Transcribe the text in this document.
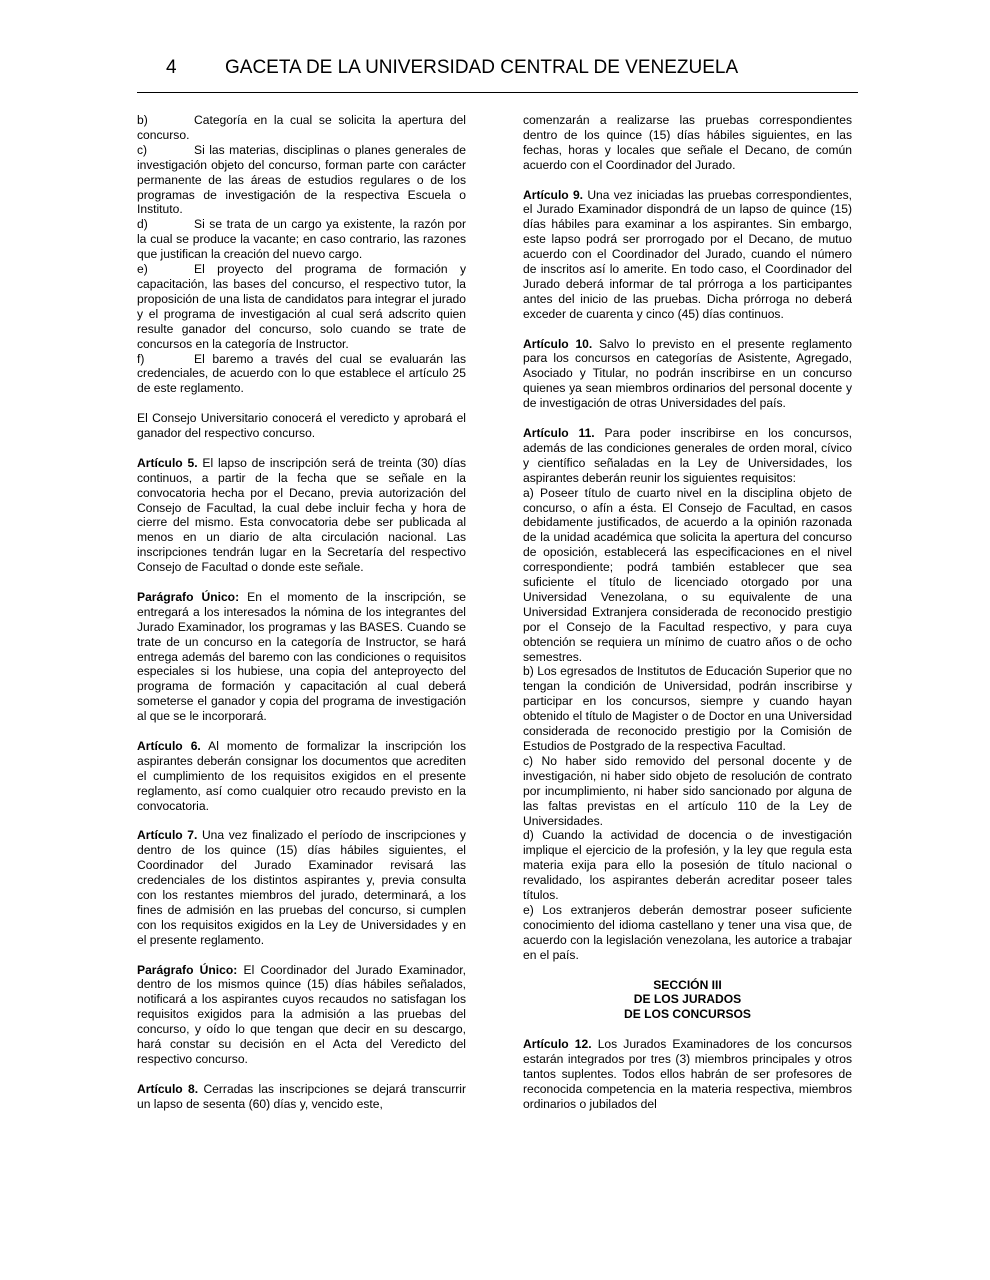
4	GACETA DE LA UNIVERSIDAD CENTRAL DE VENEZUELA

b)	Categoría en la cual se solicita la apertura del concurso.

c)	Si las materias, disciplinas o planes generales de investigación objeto del concurso, forman parte con carácter permanente de las áreas de estudios regulares o de los programas de investigación de la respectiva Escuela o Instituto.

d)	Si se trata de un cargo ya existente, la razón por la cual se produce la vacante; en caso contrario, las razones que justifican la creación del nuevo cargo.

e)	El proyecto del programa de formación y capacitación, las bases del concurso, el respectivo tutor, la proposición de una lista de candidatos para integrar el jurado y el programa de investigación al cual será adscrito quien resulte ganador del concurso, solo cuando se trate de concursos en la categoría de Instructor.

f)	El baremo a través del cual se evaluarán las credenciales, de acuerdo con lo que establece el artículo 25 de este reglamento.

El Consejo Universitario conocerá el veredicto y aprobará el ganador del respectivo concurso.

Artículo 5. El lapso de inscripción será de treinta (30) días continuos, a partir de la fecha que se señale en la convocatoria hecha por el Decano, previa autorización del Consejo de Facultad, la cual debe incluir fecha y hora de cierre del mismo. Esta convocatoria debe ser publicada al menos en un diario de alta circulación nacional. Las inscripciones tendrán lugar en la Secretaría del respectivo Consejo de Facultad o donde este señale.

Parágrafo Único: En el momento de la inscripción, se entregará a los interesados la nómina de los integrantes del Jurado Examinador, los programas y las BASES. Cuando se trate de un concurso en la categoría de Instructor, se hará entrega además del baremo con las condiciones o requisitos especiales si los hubiese, una copia del anteproyecto del programa de formación y capacitación al cual deberá someterse el ganador y copia del programa de investigación al que se le incorporará.

Artículo 6. Al momento de formalizar la inscripción los aspirantes deberán consignar los documentos que acrediten el cumplimiento de los requisitos exigidos en el presente reglamento, así como cualquier otro recaudo previsto en la convocatoria.

Artículo 7. Una vez finalizado el período de inscripciones y dentro de los quince (15) días hábiles siguientes, el Coordinador del Jurado Examinador revisará las credenciales de los distintos aspirantes y, previa consulta con los restantes miembros del jurado, determinará, a los fines de admisión en las pruebas del concurso, si cumplen con los requisitos exigidos en la Ley de Universidades y en el presente reglamento.

Parágrafo Único: El Coordinador del Jurado Examinador, dentro de los mismos quince (15) días hábiles señalados, notificará a los aspirantes cuyos recaudos no satisfagan los requisitos exigidos para la admisión a las pruebas del concurso, y oído lo que tengan que decir en su descargo, hará constar su decisión en el Acta del Veredicto del respectivo concurso.

Artículo 8. Cerradas las inscripciones se dejará transcurrir un lapso de sesenta (60) días y, vencido este,

comenzarán a realizarse las pruebas correspondientes dentro de los quince (15) días hábiles siguientes, en las fechas, horas y locales que señale el Decano, de común acuerdo con el Coordinador del Jurado.

Artículo 9. Una vez iniciadas las pruebas correspondientes, el Jurado Examinador dispondrá de un lapso de quince (15) días hábiles para examinar a los aspirantes. Sin embargo, este lapso podrá ser prorrogado por el Decano, de mutuo acuerdo con el Coordinador del Jurado, cuando el número de inscritos así lo amerite. En todo caso, el Coordinador del Jurado deberá informar de tal prórroga a los participantes antes del inicio de las pruebas. Dicha prórroga no deberá exceder de cuarenta y cinco (45) días continuos.

Artículo 10. Salvo lo previsto en el presente reglamento para los concursos en categorías de Asistente, Agregado, Asociado y Titular, no podrán inscribirse en un concurso quienes ya sean miembros ordinarios del personal docente y de investigación de otras Universidades del país.

Artículo 11. Para poder inscribirse en los concursos, además de las condiciones generales de orden moral, cívico y científico señaladas en la Ley de Universidades, los aspirantes deberán reunir los siguientes requisitos:

a) Poseer título de cuarto nivel en la disciplina objeto de concurso, o afín a ésta. El Consejo de Facultad, en casos debidamente justificados, de acuerdo a la opinión razonada de la unidad académica que solicita la apertura del concurso de oposición, establecerá las especificaciones en el nivel correspondiente; podrá también establecer que sea suficiente el título de licenciado otorgado por una Universidad Venezolana, o su equivalente de una Universidad Extranjera considerada de reconocido prestigio por el Consejo de la Facultad respectivo, y para cuya obtención se requiera un mínimo de cuatro años o de ocho semestres.

b) Los egresados de Institutos de Educación Superior que no tengan la condición de Universidad, podrán inscribirse y participar en los concursos, siempre y cuando hayan obtenido el título de Magister o de Doctor en una Universidad considerada de reconocido prestigio por la Comisión de Estudios de Postgrado de la respectiva Facultad.

c) No haber sido removido del personal docente y de investigación, ni haber sido objeto de resolución de contrato por incumplimiento, ni haber sido sancionado por alguna de las faltas previstas en el artículo 110 de la Ley de Universidades.

d) Cuando la actividad de docencia o de investigación implique el ejercicio de la profesión, y la ley que regula esta materia exija para ello la posesión de título nacional o revalidado, los aspirantes deberán acreditar poseer tales títulos.

e) Los extranjeros deberán demostrar poseer suficiente conocimiento del idioma castellano y tener una visa que, de acuerdo con la legislación venezolana, les autorice a trabajar en el país.

SECCIÓN III
DE LOS JURADOS
DE LOS CONCURSOS

Artículo 12. Los Jurados Examinadores de los concursos estarán integrados por tres (3) miembros principales y otros tantos suplentes. Todos ellos habrán de ser profesores de reconocida competencia en la materia respectiva, miembros ordinarios o jubilados del
